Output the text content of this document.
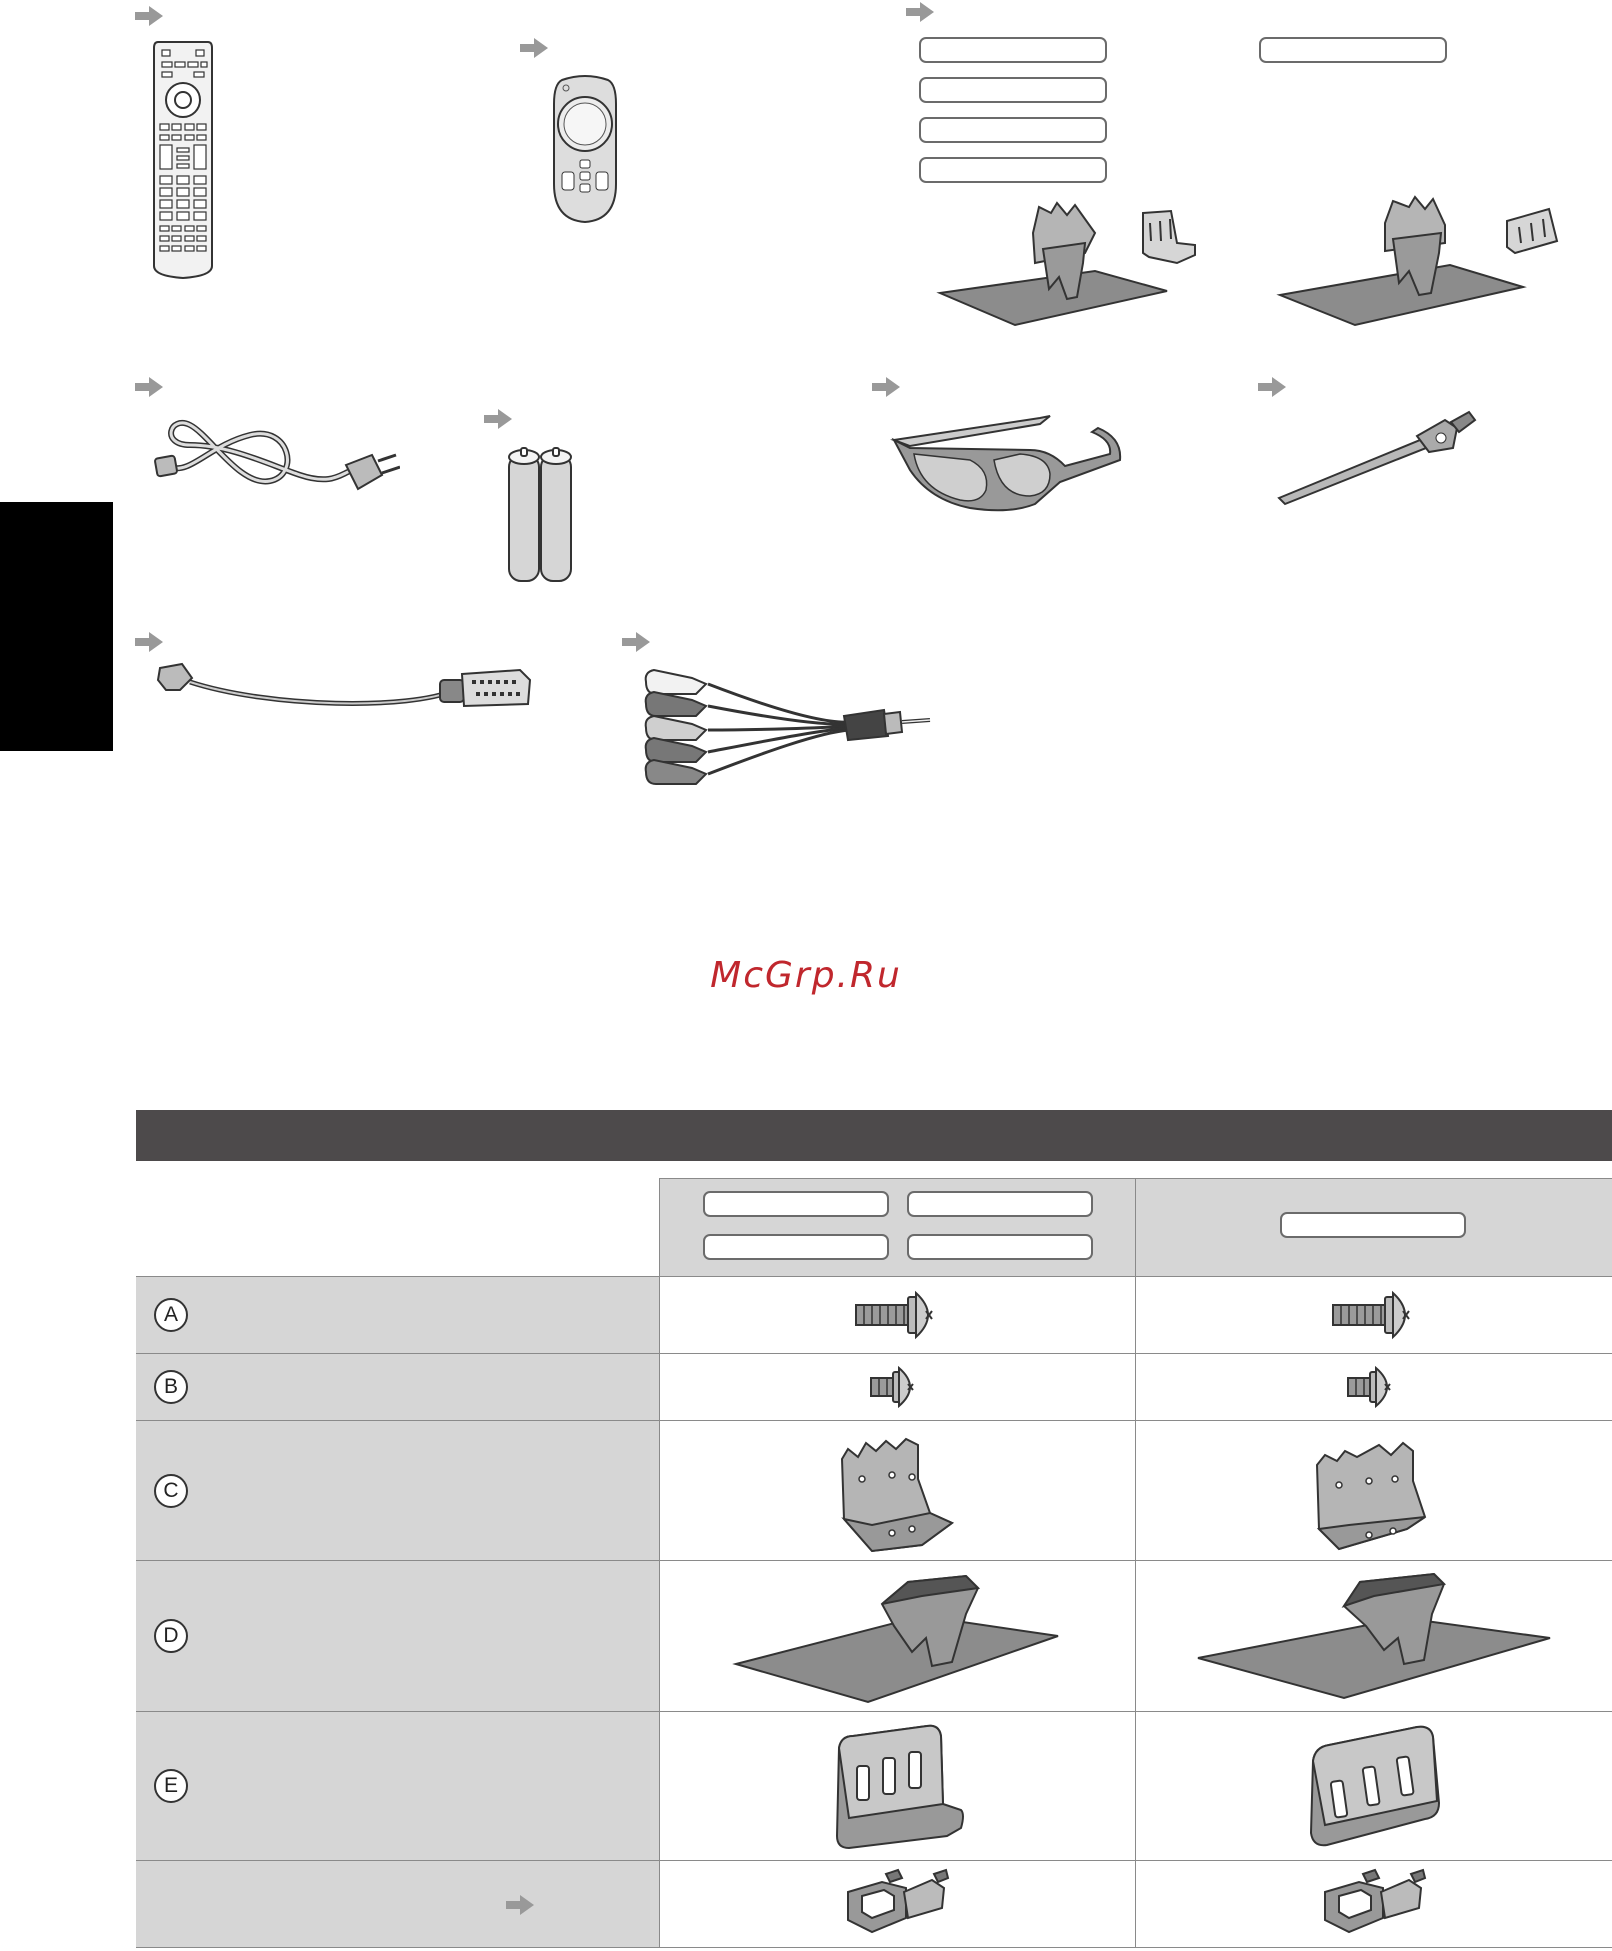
McGrp.Ru

A

B

C

D

E
